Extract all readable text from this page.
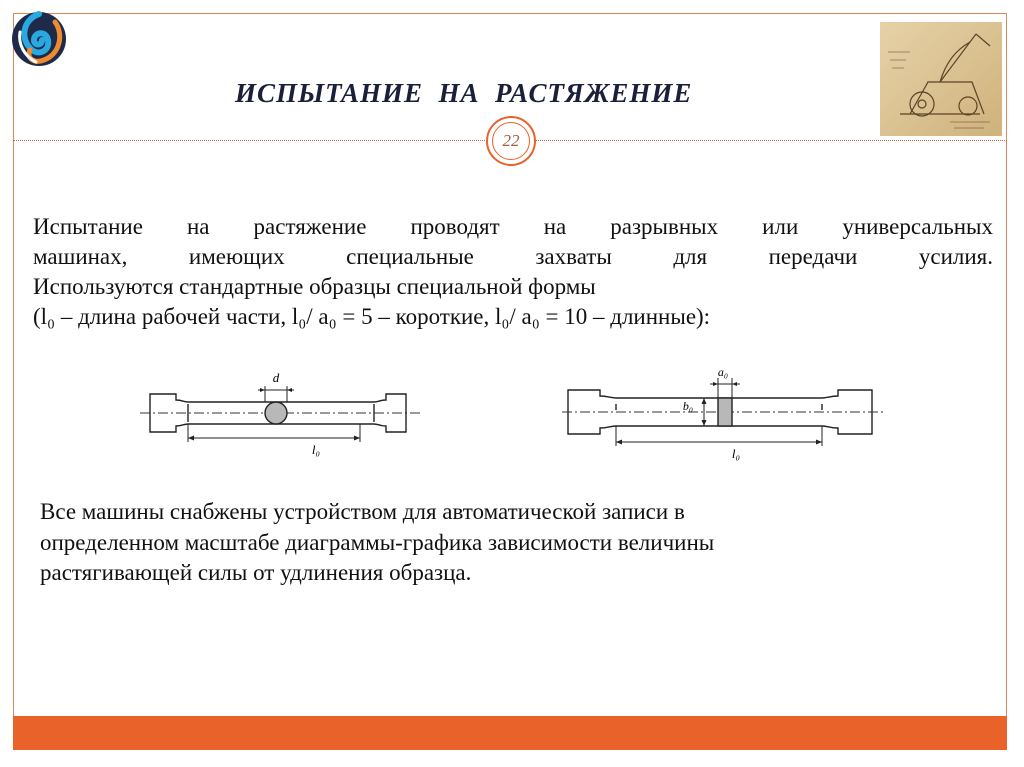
ИСПЫТАНИЕ  НА  РАСТЯЖЕНИЕ
22
Испытание на растяжение проводят на разрывных или универсальных
машинах, имеющих специальные захваты для передачи усилия.
Используются стандартные образцы специальной формы
(l₀ – длина рабочей части, l₀/ a₀ = 5 – короткие, l₀/ a₀ = 10 – длинные):
d
l₀
a₀
b₀
l₀
Все машины снабжены устройством для автоматической записи в
определенном масштабе диаграммы-графика зависимости величины
растягивающей силы от удлинения образца.
